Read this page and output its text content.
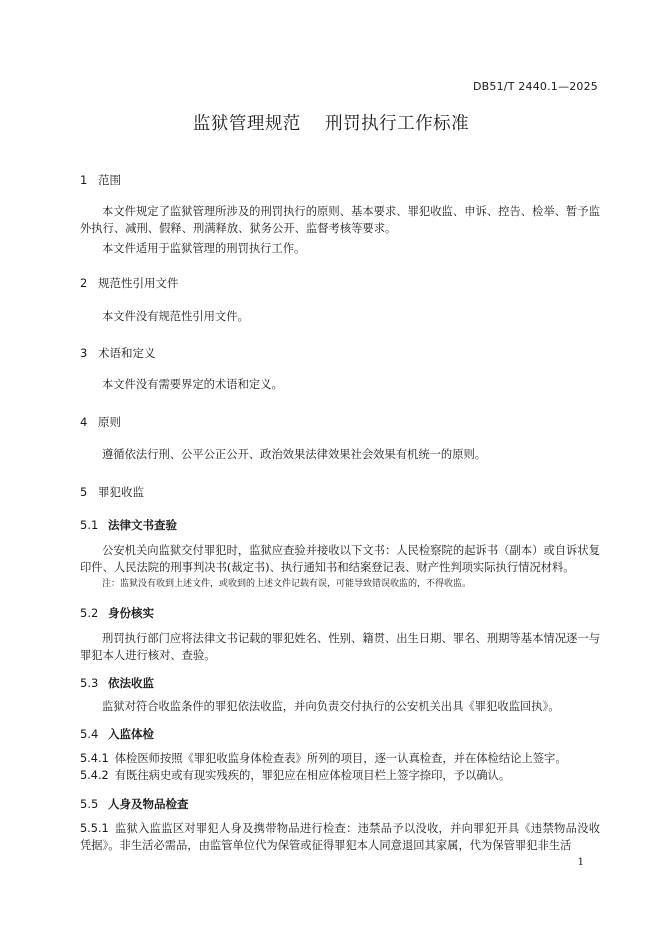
DB51/T 2440.1—2025
监狱管理规范    刑罚执行工作标准
1 范围
本文件规定了监狱管理所涉及的刑罚执行的原则、基本要求、罪犯收监、申诉、控告、检举、暂予监外执行、减刑、假释、刑满释放、狱务公开、监督考核等要求。
本文件适用于监狱管理的刑罚执行工作。
2 规范性引用文件
本文件没有规范性引用文件。
3 术语和定义
本文件没有需要界定的术语和定义。
4 原则
遵循依法行刑、公平公正公开、政治效果法律效果社会效果有机统一的原则。
5 罪犯收监
5.1 法律文书查验
公安机关向监狱交付罪犯时，监狱应查验并接收以下文书：人民检察院的起诉书（副本）或自诉状复印件、人民法院的刑事判决书(裁定书)、执行通知书和结案登记表、财产性判项实际执行情况材料。
注：监狱没有收到上述文件，或收到的上述文件记载有误，可能导致错误收监的，不得收监。
5.2 身份核实
刑罚执行部门应将法律文书记载的罪犯姓名、性别、籍贯、出生日期、罪名、刑期等基本情况逐一与罪犯本人进行核对、查验。
5.3 依法收监
监狱对符合收监条件的罪犯依法收监，并向负责交付执行的公安机关出具《罪犯收监回执》。
5.4 入监体检
5.4.1 体检医师按照《罪犯收监身体检查表》所列的项目，逐一认真检查，并在体检结论上签字。
5.4.2 有既往病史或有现实残疾的，罪犯应在相应体检项目栏上签字捺印，予以确认。
5.5 人身及物品检查
5.5.1 监狱入监监区对罪犯人身及携带物品进行检查：违禁品予以没收，并向罪犯开具《违禁物品没收凭据》。非生活必需品，由监管单位代为保管或征得罪犯本人同意退回其家属，代为保管罪犯非生活
1
